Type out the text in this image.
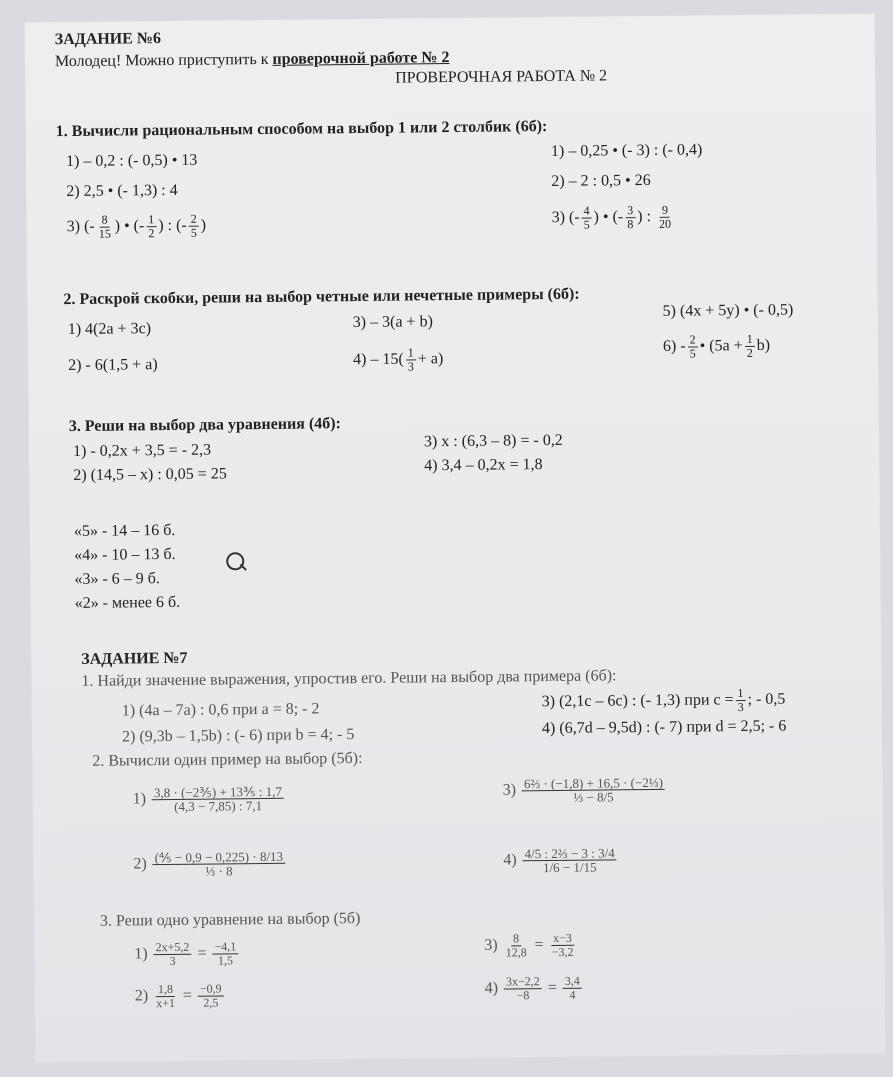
ЗАДАНИЕ №6
Молодец! Можно приступить к проверочной работе № 2
ПРОВЕРОЧНАЯ РАБОТА № 2
1. Вычисли рациональным способом на выбор 1 или 2 столбик (6б):
1) – 0,2 : (- 0,5) • 13
2) 2,5 • (- 1,3) : 4
3) (- $\frac{8}{15}$ ) • (- $\frac{1}{2}$ ) : (- $\frac{2}{5}$ )
1) – 0,25 • (- 3) : (- 0,4)
2) – 2 : 0,5 • 26
3) (- $\frac{4}{5}$ ) • (- $\frac{3}{8}$ ) : $\frac{9}{20}$
2. Раскрой скобки, реши на выбор четные или нечетные примеры (6б):
1) 4(2a + 3c)
2) - 6(1,5 + a)
3) – 3(a + b)
$4) - 15( \frac{1}{3} + a)$
5) (4x + 5y) • (- 0,5)
$6) - \frac{2}{5}$ • $(5a + \frac{1}{2} b)$
3. Реши на выбор два уравнения (4б):
1) - 0,2x + 3,5 = - 2,3
2) (14,5 – x) : 0,05 = 25
3) x : (6,3 – 8) = - 0,2
4) 3,4 – 0,2x = 1,8
«5» - 14 – 16 б.
«4» - 10 – 13 б.
«3» - 6 – 9 б.
«2» - менее 6 б.
ЗАДАНИЕ №7
1. Найди значение выражения, упростив его. Реши на выбор два примера (6б):
1) (4a – 7a) : 0,6 при a = 8; - 2
2) (9,3b – 1,5b) : (- 6) при b = 4; - 5
3) (2,1c – 6c) : (- 1,3) при $c = \frac{1}{3}$ ; - 0,5
4) (6,7d – 9,5d) : (- 7) при d = 2,5; - 6
2. Вычисли один пример на выбор (5б):
$1) \frac{\text{3,8 · (−2⅗) + 13⅗ : 1,7}}{(4,3 - 7,85) : 7,1}$
$2) \frac{\text{(⅘ − 0,9 − 0,225) · 8/13}}{\text{⅓ · 8}}$
$3) \frac{\text{6⅔ · (−1,8) + 16,5 · (−2⅓)}}{\text{⅓ − 8/5}}$
$4) \frac{\text{4/5 : 2⅔ − 3 : 3/4}}{1/6 - 1/15}$
3. Реши одно уравнение на выбор (5б)
$1) \frac{2x+5,2}{3} = \frac{-4,1}{1,5}$
$2) \frac{1,8}{x+1} = \frac{-0,9}{2,5}$
$3) \frac{8}{12,8} = \frac{x-3}{-3,2}$
$4) \frac{3x-2,2}{-8} = \frac{3,4}{4}$
